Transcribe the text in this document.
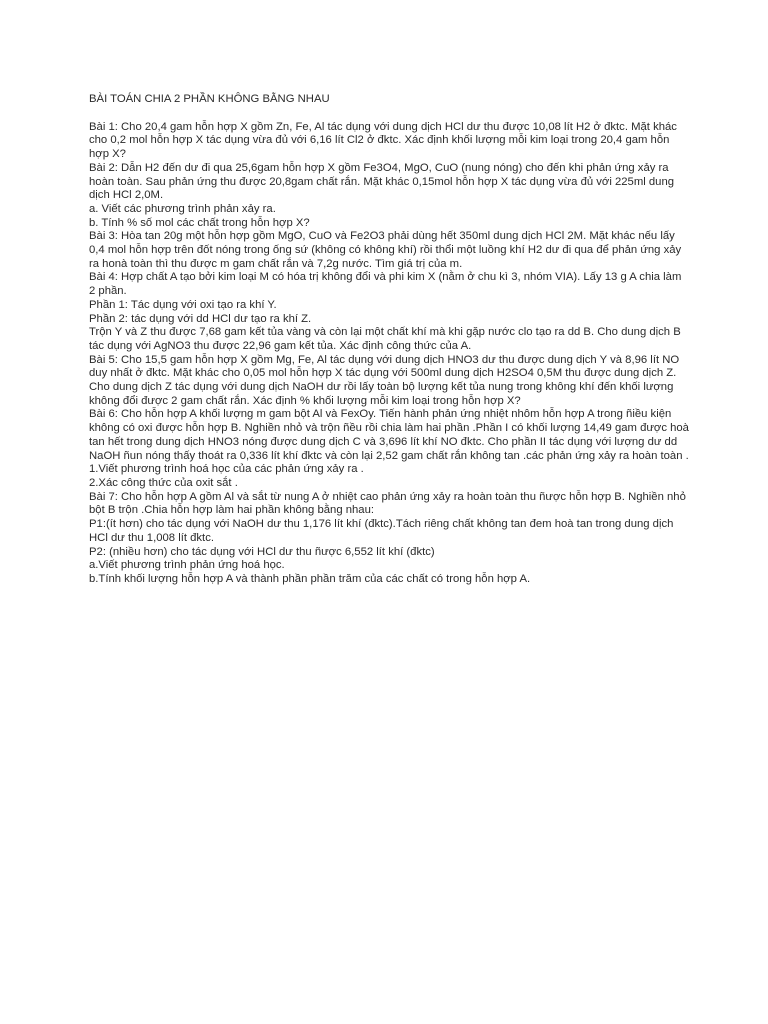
BÀI TOÁN CHIA 2 PHẦN KHÔNG BẰNG NHAU

Bài 1: Cho 20,4 gam hỗn hợp X gồm Zn, Fe, Al tác dụng với dung dịch HCl dư thu được 10,08 lít H2 ở đktc. Mặt khác cho 0,2 mol hỗn hợp X tác dụng vừa đủ với 6,16 lít Cl2 ở đktc. Xác định khối lượng mỗi kim loại trong 20,4 gam hỗn hợp X?

Bài 2: Dẫn H2 đến dư đi qua 25,6gam hỗn hợp X gồm Fe3O4, MgO, CuO (nung nóng) cho đến khi phản ứng xảy ra hoàn toàn. Sau phản ứng thu được 20,8gam chất rắn. Mặt khác 0,15mol hỗn hợp X tác dụng vừa đủ với 225ml dung dịch HCl 2,0M.

a. Viết các phương trình phản xảy ra.

b. Tính % số mol các chất trong hỗn hợp X?

Bài 3: Hòa tan 20g một hỗn hợp gồm MgO, CuO và Fe2O3 phải dùng hết 350ml dung dịch HCl 2M. Mặt khác nếu lấy 0,4 mol hỗn hợp trên đốt nóng trong ống sứ (không có không khí) rồi thổi một luồng khí H2 dư đi qua để phản ứng xảy ra honà toàn thì thu được m gam chất rắn và 7,2g nước. Tìm giá trị của m.

Bài 4: Hợp chất A tạo bởi kim loại M có hóa trị không đổi và phi kim X (nằm ở chu kì 3, nhóm VIA). Lấy 13 g A chia làm 2 phần.

Phần 1: Tác dụng với oxi tạo ra khí Y.

Phần 2: tác dụng với dd HCl dư tạo ra khí Z.

Trộn Y và Z thu được 7,68 gam kết tủa vàng và còn lại một chất khí mà khi gặp nước clo tạo ra dd B. Cho dung dịch B tác dụng với AgNO3 thu được 22,96 gam kết tủa. Xác định công thức của A.

Bài 5: Cho 15,5 gam hỗn hợp X gồm Mg, Fe, Al tác dụng với dung dịch HNO3 dư thu được dung dịch Y và 8,96 lít NO duy nhất ở đktc. Mặt khác cho 0,05 mol hỗn hợp X tác dụng với 500ml dung dịch H2SO4 0,5M thu được dung dịch Z. Cho dung dịch Z tác dụng với dung dịch NaOH dư rồi lấy toàn bộ lượng kết tủa nung trong không khí đến khối lượng không đổi được 2 gam chất rắn. Xác định % khối lượng mỗi kim loại trong hỗn hợp X?

Bài 6: Cho hỗn hợp A khối lượng m gam bột Al và FexOy. Tiến hành phản ứng nhiệt nhôm hỗn hợp A trong ñiều kiện không có oxi được hỗn hợp B. Nghiền nhỏ và trộn ñều rồi chia làm hai phần .Phần I có khối lượng 14,49 gam được hoà tan hết trong dung dịch HNO3 nóng được dung dịch C và 3,696 lít khí NO đktc. Cho phần II tác dụng với lượng dư dd NaOH ñun nóng thấy thoát ra 0,336 lít khí đktc và còn lại 2,52 gam chất rắn không tan .các phản ứng xảy ra hoàn toàn .

1.Viết phương trình hoá học của các phản ứng xảy ra .

2.Xác công thức của oxit sắt .

Bài 7: Cho hỗn hợp A gồm Al và sắt từ nung A ở nhiệt cao phản ứng xảy ra hoàn toàn thu ñược hỗn hợp B. Nghiền nhỏ bột B trộn .Chia hỗn hợp làm hai phần không bằng nhau:

P1:(ít hơn) cho tác dụng với NaOH dư thu 1,176 lít khí (đktc).Tách riêng chất không tan đem hoà tan trong dung dịch HCl dư thu 1,008 lít đktc.

P2: (nhiều hơn) cho tác dụng với HCl dư thu ñược 6,552 lít khí (đktc)

a.Viết phương trình phản ứng hoá học.

b.Tính khối lượng hỗn hợp A và thành phần phần trăm của các chất có trong hỗn hợp A.
